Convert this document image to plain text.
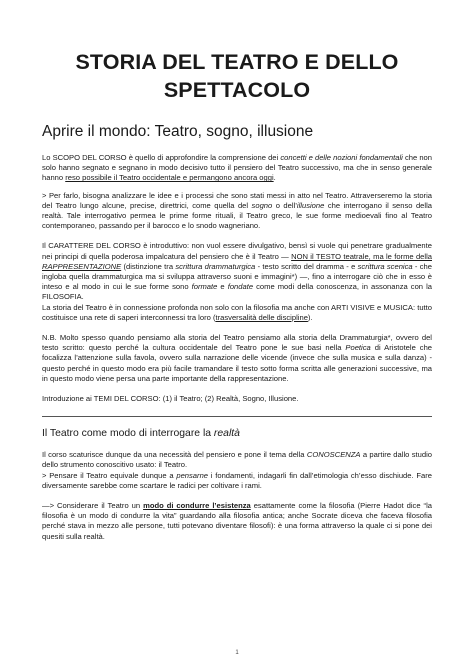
STORIA DEL TEATRO E DELLO SPETTACOLO
Aprire il mondo: Teatro, sogno, illusione

Lo SCOPO DEL CORSO è quello di approfondire la comprensione dei concetti e delle nozioni fondamentali che non solo hanno segnato e segnano in modo decisivo tutto il pensiero del Teatro successivo, ma che in senso generale hanno reso possibile il Teatro occidentale e permangono ancora oggi.

> Per farlo, bisogna analizzare le idee e i processi che sono stati messi in atto nel Teatro. Attraverseremo la storia del Teatro lungo alcune, precise, direttrici, come quella del sogno o dell’illusione che interrogano il senso della realtà. Tale interrogativo permea le prime forme rituali, il Teatro greco, le sue forme medioevali fino al Teatro contemporaneo, passando per il barocco e lo snodo wagneriano.

Il CARATTERE DEL CORSO è introduttivo: non vuol essere divulgativo, bensì si vuole qui penetrare gradualmente nei principi di quella poderosa impalcatura del pensiero che è il Teatro — NON il TESTO teatrale, ma le forme della RAPPRESENTAZIONE (distinzione tra scrittura drammaturgica - testo scritto del dramma - e scrittura scenica - che ingloba quella drammaturgica ma si sviluppa attraverso suoni e immagini*) —, fino a interrogare ciò che in esso è inteso e al modo in cui le sue forme sono formate e fondate come modi della conoscenza, in assonanza con la FILOSOFIA.
La storia del Teatro è in connessione profonda non solo con la filosofia ma anche con ARTI VISIVE e MUSICA: tutto costituisce una rete di saperi interconnessi tra loro (trasversalità delle discipline).

N.B. Molto spesso quando pensiamo alla storia del Teatro pensiamo alla storia della Drammaturgia*, ovvero del testo scritto: questo perché la cultura occidentale del Teatro pone le sue basi nella Poetica di Aristotele che focalizza l’attenzione sulla favola, ovvero sulla narrazione delle vicende (invece che sulla musica e sulla danza) - questo perché in questo modo era più facile tramandare il testo sotto forma scritta alle generazioni successive, ma in questo modo viene persa una parte importante della rappresentazione.

Introduzione ai TEMI DEL CORSO: (1) il Teatro; (2) Realtà, Sogno, Illusione.

Il Teatro come modo di interrogare la realtà

Il corso scaturisce dunque da una necessità del pensiero e pone il tema della CONOSCENZA a partire dallo studio dello strumento conoscitivo usato: il Teatro.
> Pensare il Teatro equivale dunque a pensarne i fondamenti, indagarli fin dall’etimologia ch’esso dischiude. Fare diversamente sarebbe come scartare le radici per coltivare i rami.

—> Considerare il Teatro un modo di condurre l’esistenza esattamente come la filosofia (Pierre Hadot dice “la filosofia è un modo di condurre la vita” guardando alla filosofia antica; anche Socrate diceva che faceva filosofia perché stava in mezzo alle persone, tutti potevano diventare filosofi): è una forma attraverso la quale ci si pone dei quesiti sulla realtà.

1
